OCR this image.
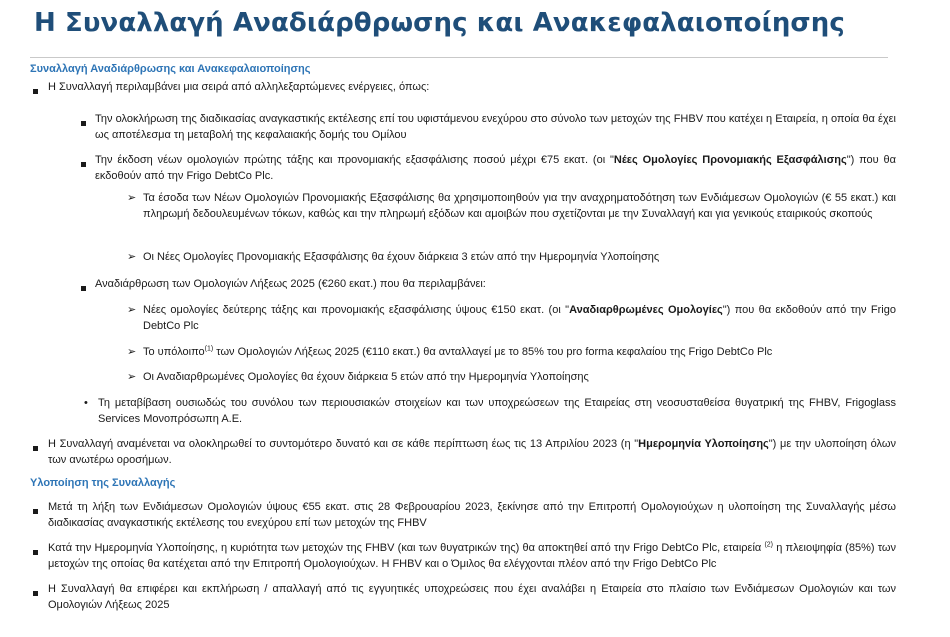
Η Συναλλαγή Αναδιάρθρωσης και Ανακεφαλαιοποίησης
Συναλλαγή Αναδιάρθρωσης και Ανακεφαλαιοποίησης
Η Συναλλαγή περιλαμβάνει μια σειρά από αλληλεξαρτώμενες ενέργειες, όπως:
Την ολοκλήρωση της διαδικασίας αναγκαστικής εκτέλεσης επί του υφιστάμενου ενεχύρου στο σύνολο των μετοχών της FHBV που κατέχει η Εταιρεία, η οποία θα έχει ως αποτέλεσμα τη μεταβολή της κεφαλαιακής δομής του Ομίλου
Την έκδοση νέων ομολογιών πρώτης τάξης και προνομιακής εξασφάλισης ποσού μέχρι €75 εκατ. (οι "Νέες Ομολογίες Προνομιακής Εξασφάλισης") που θα εκδοθούν από την Frigo DebtCo Plc.
➢ Τα έσοδα των Νέων Ομολογιών Προνομιακής Εξασφάλισης θα χρησιμοποιηθούν για την αναχρηματοδότηση των Ενδιάμεσων Ομολογιών (€ 55 εκατ.) και πληρωμή δεδουλευμένων τόκων, καθώς και την πληρωμή εξόδων και αμοιβών που σχετίζονται με την Συναλλαγή και για γενικούς εταιρικούς σκοπούς
➢ Οι Νέες Ομολογίες Προνομιακής Εξασφάλισης θα έχουν διάρκεια 3 ετών από την Ημερομηνία Υλοποίησης
Αναδιάρθρωση των Ομολογιών Λήξεως 2025 (€260 εκατ.) που θα περιλαμβάνει:
➢ Νέες ομολογίες δεύτερης τάξης και προνομιακής εξασφάλισης ύψους €150 εκατ. (οι "Αναδιαρθρωμένες Ομολογίες") που θα εκδοθούν από την Frigo DebtCo Plc
➢ Το υπόλοιπο$^{(1)}$ των Ομολογιών Λήξεως 2025 (€110 εκατ.) θα ανταλλαγεί με το 85% του pro forma κεφαλαίου της Frigo DebtCo Plc
➢ Οι Αναδιαρθρωμένες Ομολογίες θα έχουν διάρκεια 5 ετών από την Ημερομηνία Υλοποίησης
• Τη μεταβίβαση ουσιωδώς του συνόλου των περιουσιακών στοιχείων και των υποχρεώσεων της Εταιρείας στη νεοσυσταθείσα θυγατρική της FHBV, Frigoglass Services Μονοπρόσωπη Α.Ε.
Η Συναλλαγή αναμένεται να ολοκληρωθεί το συντομότερο δυνατό και σε κάθε περίπτωση έως τις 13 Απριλίου 2023 (η "Ημερομηνία Υλοποίησης") με την υλοποίηση όλων των ανωτέρω οροσήμων.
Υλοποίηση της Συναλλαγής
Μετά τη λήξη των Ενδιάμεσων Ομολογιών ύψους €55 εκατ. στις 28 Φεβρουαρίου 2023, ξεκίνησε από την Επιτροπή Ομολογιούχων η υλοποίηση της Συναλλαγής μέσω διαδικασίας αναγκαστικής εκτέλεσης του ενεχύρου επί των μετοχών της FHBV
Κατά την Ημερομηνία Υλοποίησης, η κυριότητα των μετοχών της FHBV (και των θυγατρικών της) θα αποκτηθεί από την Frigo DebtCo Plc, εταιρεία $^{(2)}$ η πλειοψηφία (85%) των μετοχών της οποίας θα κατέχεται από την Επιτροπή Ομολογιούχων. Η FHBV και ο Όμιλος θα ελέγχονται πλέον από την Frigo DebtCo Plc
Η Συναλλαγή θα επιφέρει και εκπλήρωση / απαλλαγή από τις εγγυητικές υποχρεώσεις που έχει αναλάβει η Εταιρεία στο πλαίσιο των Ενδιάμεσων Ομολογιών και των Ομολογιών Λήξεως 2025
